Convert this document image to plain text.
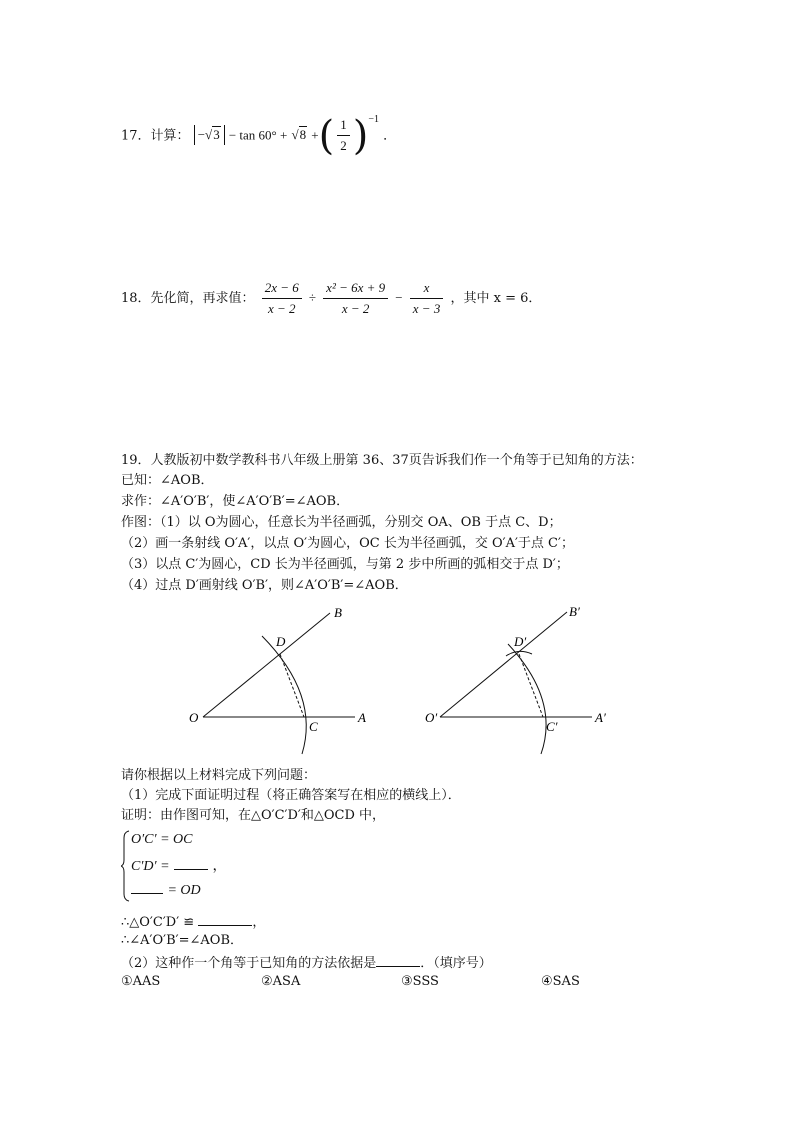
17．计算： −√3 − tan 60° + √8 +( $\frac{1}{2} )^{-1}$ ．
18．先化简，再求值： $\frac{2x - 6}{x - 2} \div \frac{\text{x² − 6x + 9}}{x - 2} - \frac{x}{x - 3}$ ，其中 x = 6．
19．人教版初中数学教科书八年级上册第 36、37页告诉我们作一个角等于已知角的方法：
已知：∠AOB．
求作：∠A′O′B′，使∠A′O′B′=∠AOB．
作图：（1）以 O为圆心，任意长为半径画弧，分别交 OA、OB 于点 C、D；
（2）画一条射线 O′A′，以点 O′为圆心，OC 长为半径画弧，交 O′A′于点 C′；
（3）以点 C′为圆心，CD 长为半径画弧，与第 2 步中所画的弧相交于点 D′；
（4）过点 D′画射线 O′B′，则∠A′O′B′=∠AOB．
O	A
B
C
D
O′	A′
B′
C′
D′
请你根据以上材料完成下列问题：
（1）完成下面证明过程（将正确答案写在相应的横线上）．
证明：由作图可知，在△O′C′D′和△OCD 中，
O′C′ = OC
C′D′ =	，
= OD
∴△O′C′D′ ≌	，
∴∠A′O′B′=∠AOB．
（2）这种作一个角等于已知角的方法依据是	．（填序号）
①AAS	②ASA	③SSS	④SAS
